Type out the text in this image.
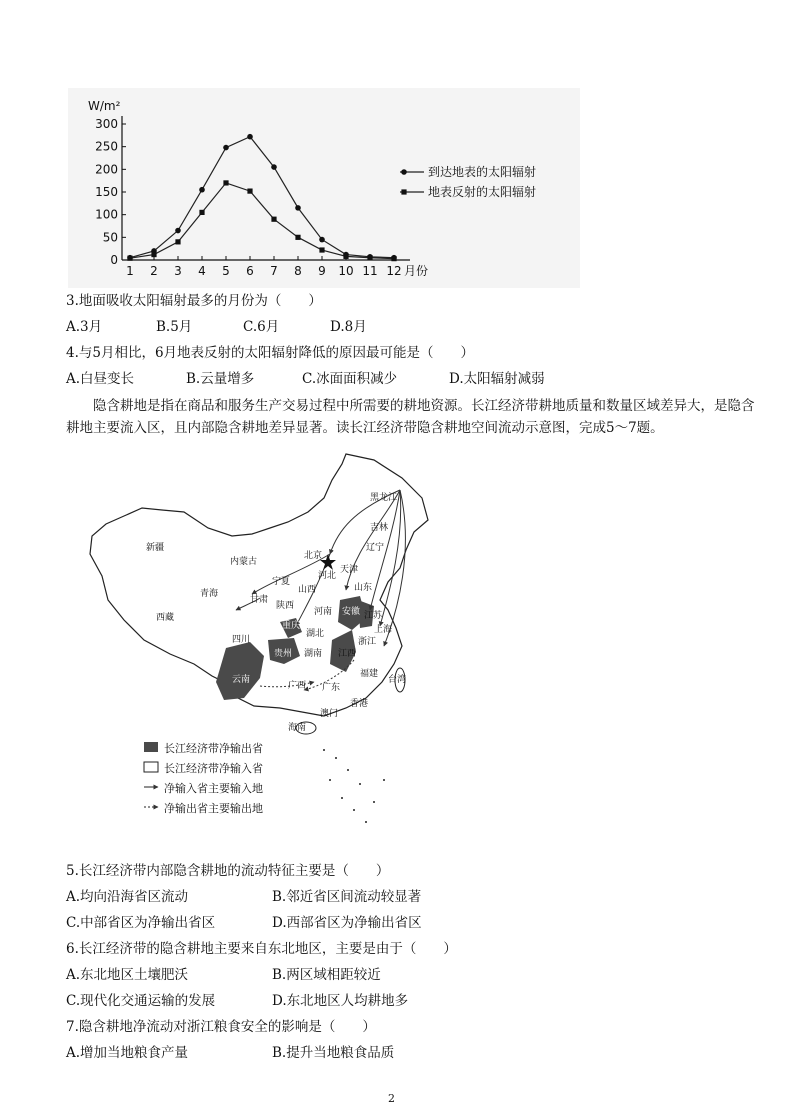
0
50
100
150
200
250
300
1 2 3 4 5 6 7 8 9 10 11 12
W/m²
月份
到达地表的太阳辐射
地表反射的太阳辐射
3.地面吸收太阳辐射最多的月份为（　　）
A.3月	B.5月	C.6月	D.8月
4.与5月相比，6月地表反射的太阳辐射降低的原因最可能是（　　）
A.白昼变长	B.云量增多	C.冰面面积减少	D.太阳辐射减弱
隐含耕地是指在商品和服务生产交易过程中所需要的耕地资源。长江经济带耕地质量和数量区域差异大，是隐含耕地主要流入区，且内部隐含耕地差异显著。读长江经济带隐含耕地空间流动示意图，完成5～7题。
新疆
西藏
青海
甘肃
内蒙古
宁夏
四川
陕西
山西
河北
北京
天津
黑龙江
吉林
辽宁
山东
河南
湖北
湖南 江西
云南
贵州
广西 广东
福建
台湾
海南
香港
澳门
重庆
安徽 江苏
上海
浙江
长江经济带净输出省
长江经济带净输入省
净输入省主要输入地
净输出省主要输出地
5.长江经济带内部隐含耕地的流动特征主要是（　　）
A.均向沿海省区流动	B.邻近省区间流动较显著
C.中部省区为净输出省区	D.西部省区为净输出省区
6.长江经济带的隐含耕地主要来自东北地区，主要是由于（　　）
A.东北地区土壤肥沃	B.两区域相距较近
C.现代化交通运输的发展	D.东北地区人均耕地多
7.隐含耕地净流动对浙江粮食安全的影响是（　　）
A.增加当地粮食产量	B.提升当地粮食品质
2
